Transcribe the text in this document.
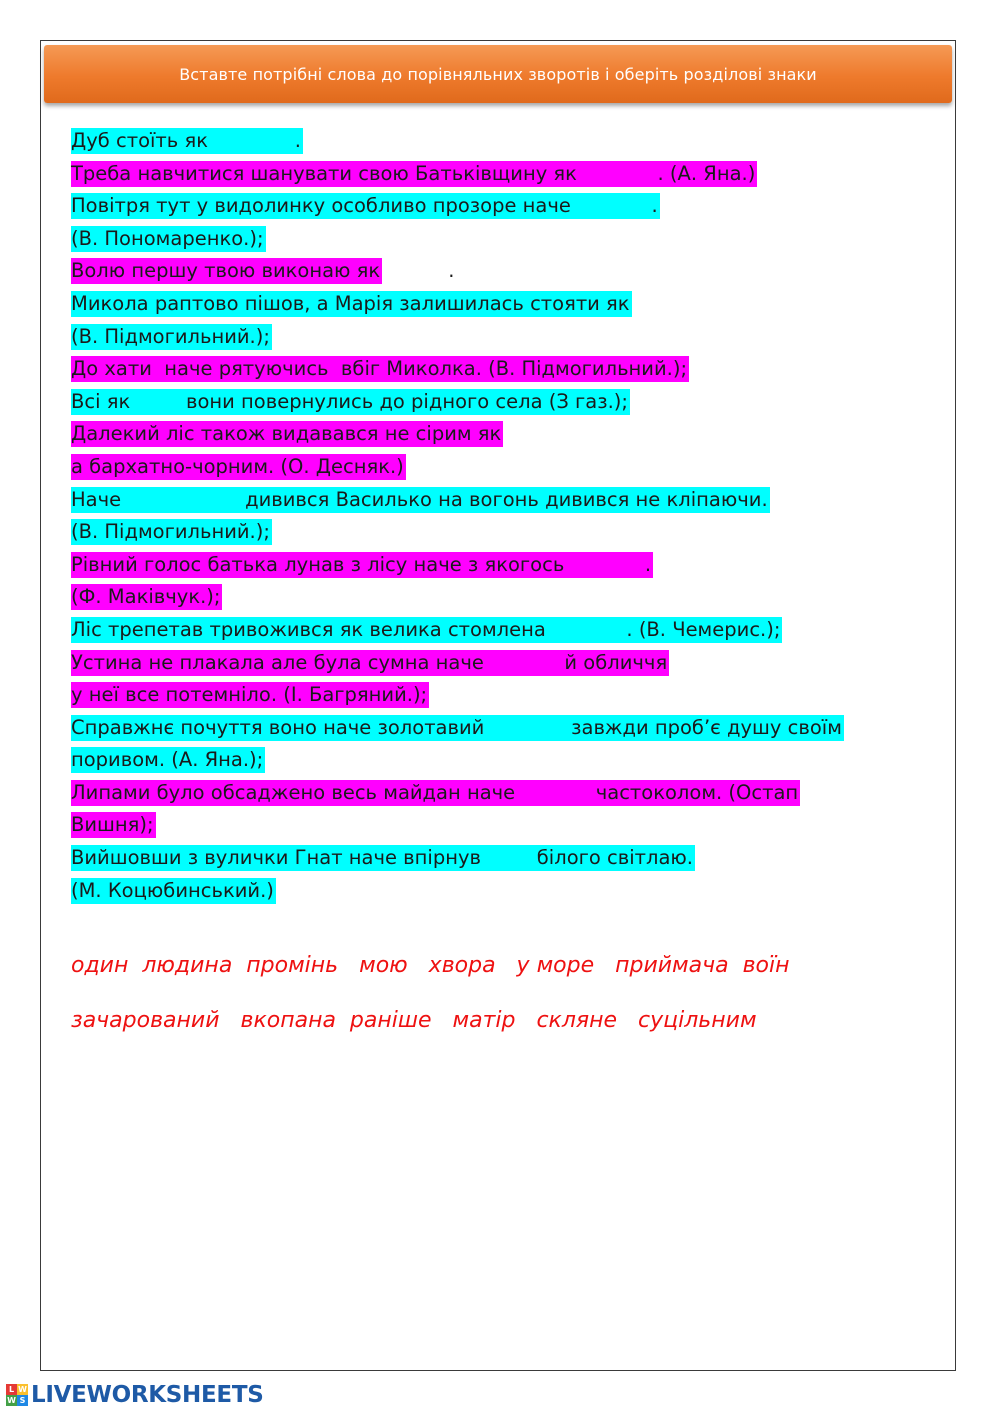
Вставте потрібні слова до порівняльних зворотів і оберіть розділові знаки
Дуб стоїть як              .
Треба навчитися шанувати свою Батьківщину як             . (А. Яна.)
Повітря тут у видолинку особливо прозоре наче             .
(В. Пономаренко.);
Волю першу твою виконаю як	.
Микола раптово пішов, а Марія залишилась стояти як
(В. Підмогильний.);
До хати  наче рятуючись  вбіг Миколка. (В. Підмогильний.);
Всі як         вони повернулись до рідного села (З газ.);
Далекий ліс також видавався не сірим як
а бархатно-чорним. (О. Десняк.)
Наче                    дивився Василько на вогонь дивився не кліпаючи.
(В. Підмогильний.);
Рівний голос батька лунав з лісу наче з якогось             .
(Ф. Маківчук.);
Ліс трепетав тривожився як велика стомлена             . (В. Чемерис.);
Устина не плакала але була сумна наче             й обличчя
у неї все потемніло. (І. Багряний.);
Справжнє почуття воно наче золотавий              завжди проб’є душу своїм
поривом. (А. Яна.);
Липами було обсаджено весь майдан наче             частоколом. (Остап
Вишня);
Вийшовши з вулички Гнат наче впірнув         білого світлаю.
(М. Коцюбинський.)
один  людина  промінь   мою   хвора   у море   приймача  воїн
зачарований   вкопана  раніше   матір   скляне   суцільним
L W
W S LIVEWORKSHEETS
